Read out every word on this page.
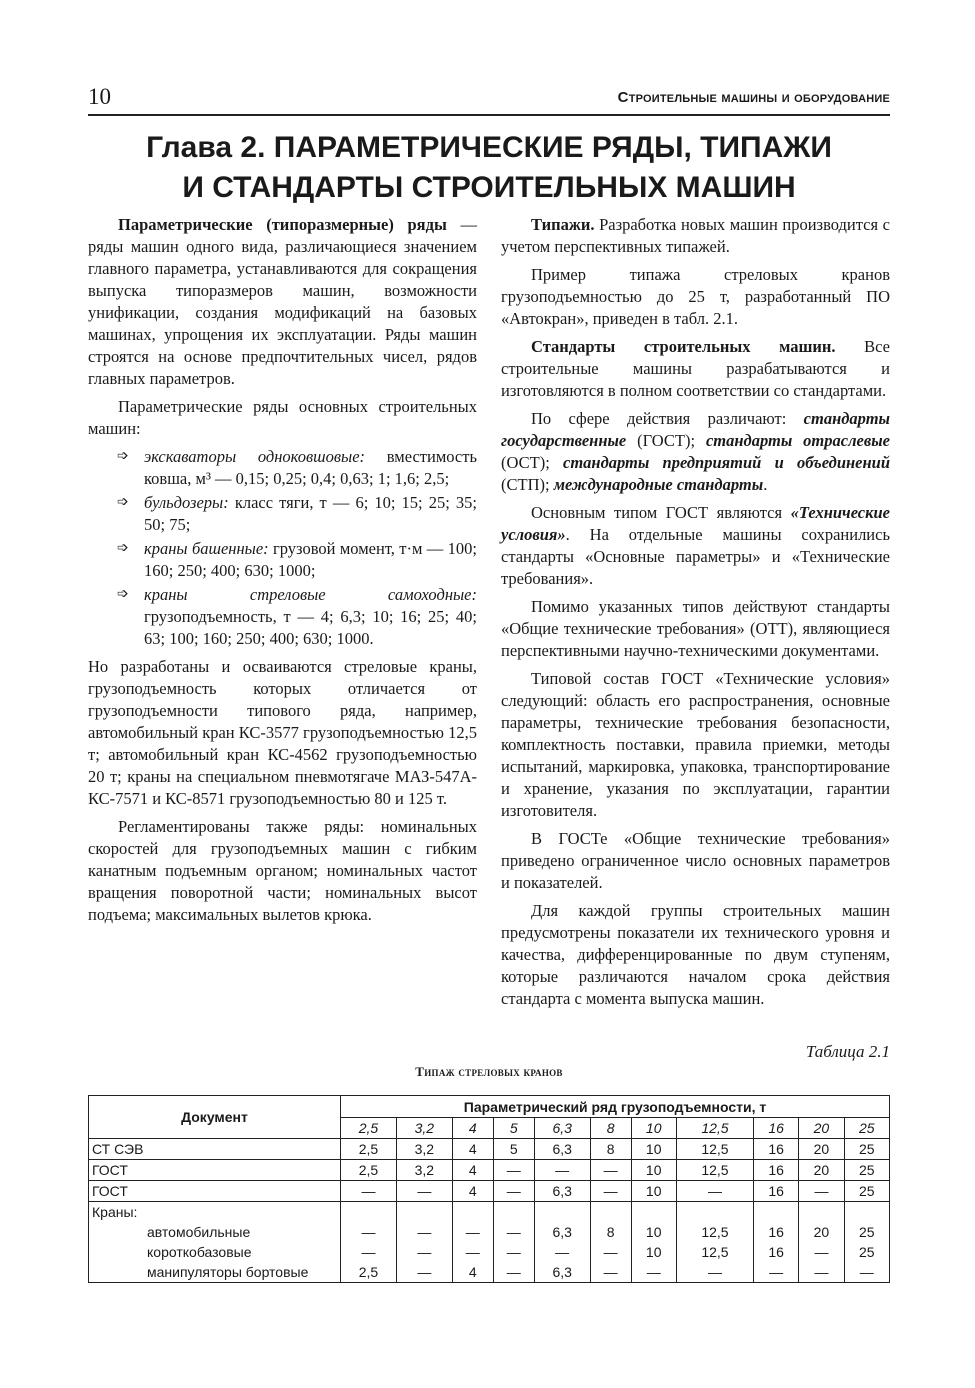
10	Строительные машины и оборудование
Глава 2. ПАРАМЕТРИЧЕСКИЕ РЯДЫ, ТИПАЖИ
И СТАНДАРТЫ СТРОИТЕЛЬНЫХ МАШИН

Параметрические (типоразмерные) ряды — ряды машин одного вида, различающиеся значением главного параметра, устанавливаются для сокращения выпуска типоразмеров машин, возможности унификации, создания модификаций на базовых машинах, упрощения их эксплуатации. Ряды машин строятся на основе предпочтительных чисел, рядов главных параметров.

Параметрические ряды основных строительных машин:

➩ экскаваторы одноковшовые: вместимость ковша, м³ — 0,15; 0,25; 0,4; 0,63; 1; 1,6; 2,5;
➩ бульдозеры: класс тяги, т — 6; 10; 15; 25; 35; 50; 75;
➩ краны башенные: грузовой момент, т·м — 100; 160; 250; 400; 630; 1000;
➩ краны стреловые самоходные: грузоподъемность, т — 4; 6,3; 10; 16; 25; 40; 63; 100; 160; 250; 400; 630; 1000.

Но разработаны и осваиваются стреловые краны, грузоподъемность которых отличается от грузоподъемности типового ряда, например, автомобильный кран КС-3577 грузоподъемностью 12,5 т; автомобильный кран КС-4562 грузоподъемностью 20 т; краны на специальном пневмотягаче МАЗ-547А-КС-7571 и КС-8571 грузоподъемностью 80 и 125 т.

Регламентированы также ряды: номинальных скоростей для грузоподъемных машин с гибким канатным подъемным органом; номинальных частот вращения поворотной части; номинальных высот подъема; максимальных вылетов крюка.

Типажи. Разработка новых машин производится с учетом перспективных типажей.

Пример типажа стреловых кранов грузоподъемностью до 25 т, разработанный ПО «Автокран», приведен в табл. 2.1.

Стандарты строительных машин. Все строительные машины разрабатываются и изготовляются в полном соответствии со стандартами.

По сфере действия различают: стандарты государственные (ГОСТ); стандарты отраслевые (ОСТ); стандарты предприятий и объединений (СТП); международные стандарты.

Основным типом ГОСТ являются «Технические условия». На отдельные машины сохранились стандарты «Основные параметры» и «Технические требования».

Помимо указанных типов действуют стандарты «Общие технические требования» (ОТТ), являющиеся перспективными научно-техническими документами.

Типовой состав ГОСТ «Технические условия» следующий: область его распространения, основные параметры, технические требования безопасности, комплектность поставки, правила приемки, методы испытаний, маркировка, упаковка, транспортирование и хранение, указания по эксплуатации, гарантии изготовителя.

В ГОСТе «Общие технические требования» приведено ограниченное число основных параметров и показателей.

Для каждой группы строительных машин предусмотрены показатели их технического уровня и качества, дифференцированные по двум ступеням, которые различаются началом срока действия стандарта с момента выпуска машин.

Таблица 2.1
Типаж стреловых кранов
Документ	Параметрический ряд грузоподъемности, т										
	2,5	3,2	4	5	6,3	8	10	12,5	16	20	25
СТ СЭВ	2,5	3,2	4	5	6,3	8	10	12,5	16	20	25
ГОСТ	2,5	3,2	4	—	—	—	10	12,5	16	20	25
ГОСТ	—	—	4	—	6,3	—	10	—	16	—	25
Краны:											
автомобильные	—	—	—	—	6,3	8	10	12,5	16	20	25
короткобазовые	—	—	—	—	—	—	10	12,5	16	—	25
манипуляторы бортовые	2,5	—	4	—	6,3	—	—	—	—	—	—
